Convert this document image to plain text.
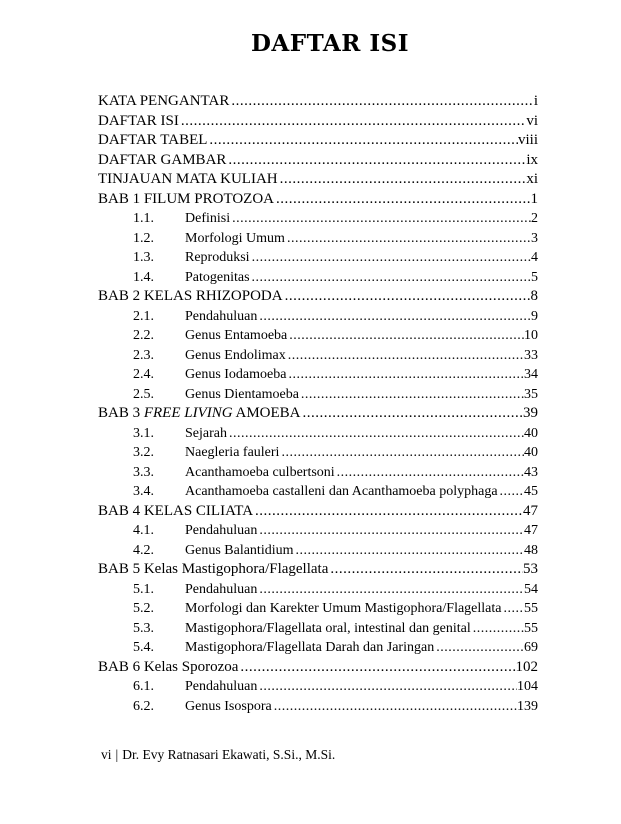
DAFTAR ISI
KATA PENGANTAR .....	i
DAFTAR ISI .....	vi
DAFTAR TABEL .....	viii
DAFTAR GAMBAR .....	ix
TINJAUAN MATA KULIAH .....	xi
BAB 1 FILUM PROTOZOA .....	1
1.1.	Definisi .....	2
1.2.	Morfologi Umum .....	3
1.3.	Reproduksi .....	4
1.4.	Patogenitas .....	5
BAB 2 KELAS RHIZOPODA .....	8
2.1.	Pendahuluan .....	9
2.2.	Genus Entamoeba .....	10
2.3.	Genus Endolimax .....	33
2.4.	Genus Iodamoeba .....	34
2.5.	Genus Dientamoeba .....	35
BAB 3 FREE LIVING AMOEBA .....	39
3.1.	Sejarah .....	40
3.2.	Naegleria fauleri .....	40
3.3.	Acanthamoeba culbertsoni .....	43
3.4.	Acanthamoeba castalleni dan Acanthamoeba polyphaga ..... 45
BAB 4 KELAS CILIATA .....	47
4.1.	Pendahuluan .....	47
4.2.	Genus Balantidium .....	48
BAB 5 Kelas Mastigophora/Flagellata .....	53
5.1.	Pendahuluan .....	54
5.2.	Morfologi dan Karekter Umum Mastigophora/Flagellata ..... 55
5.3.	Mastigophora/Flagellata oral, intestinal dan genital .....	55
5.4.	Mastigophora/Flagellata Darah dan Jaringan .....	69
BAB 6 Kelas Sporozoa .....	102
6.1.	Pendahuluan .....	104
6.2.	Genus Isospora .....	139
vi | Dr. Evy Ratnasari Ekawati, S.Si., M.Si.
